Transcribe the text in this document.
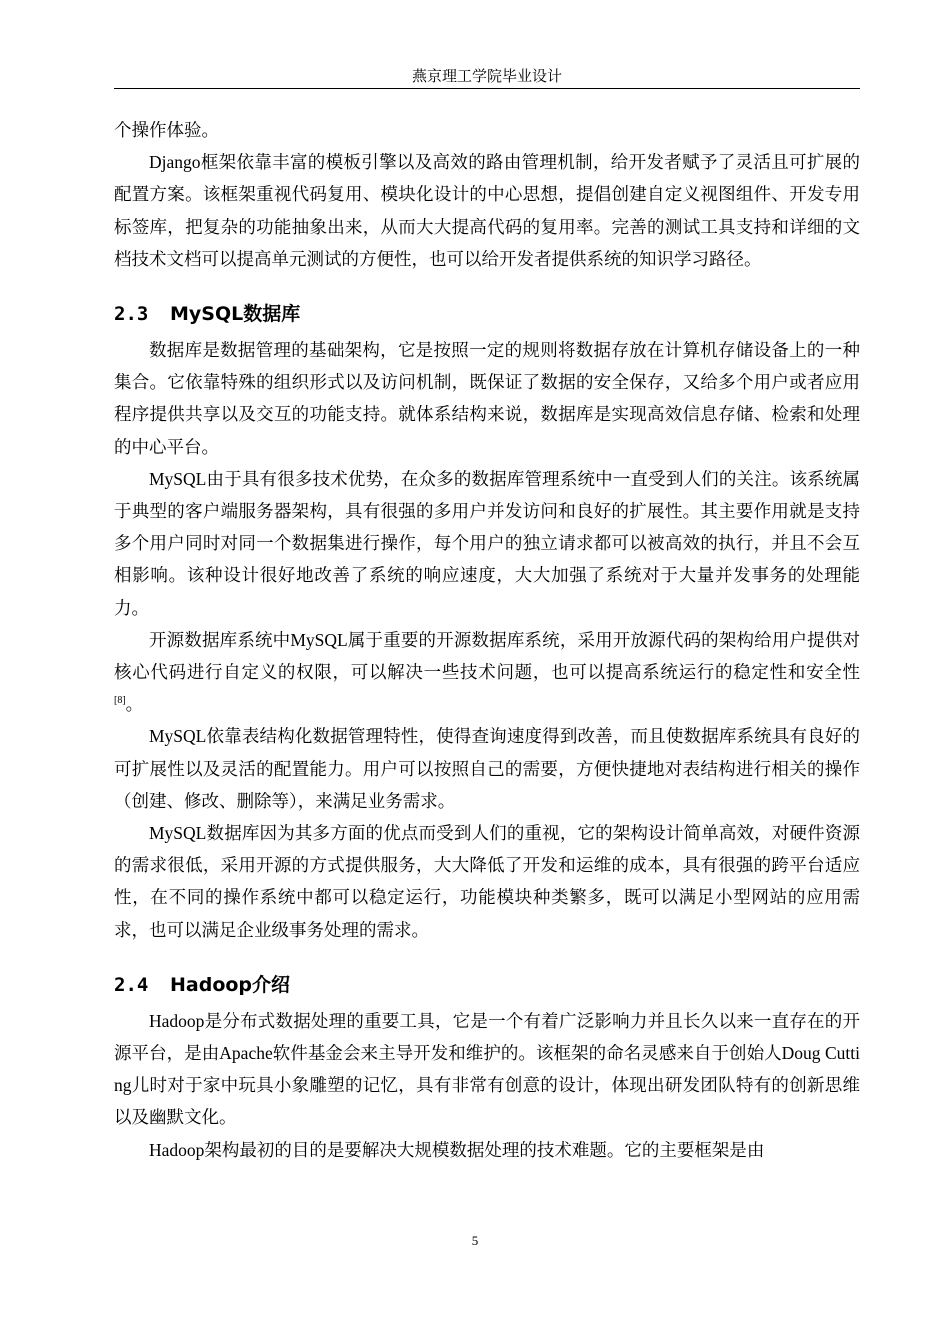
燕京理工学院毕业设计

个操作体验。

Django框架依靠丰富的模板引擎以及高效的路由管理机制，给开发者赋予了灵活且可扩展的配置方案。该框架重视代码复用、模块化设计的中心思想，提倡创建自定义视图组件、开发专用标签库，把复杂的功能抽象出来，从而大大提高代码的复用率。完善的测试工具支持和详细的文档技术文档可以提高单元测试的方便性，也可以给开发者提供系统的知识学习路径。

2.3 MySQL数据库

数据库是数据管理的基础架构，它是按照一定的规则将数据存放在计算机存储设备上的一种集合。它依靠特殊的组织形式以及访问机制，既保证了数据的安全保存，又给多个用户或者应用程序提供共享以及交互的功能支持。就体系结构来说，数据库是实现高效信息存储、检索和处理的中心平台。

MySQL由于具有很多技术优势，在众多的数据库管理系统中一直受到人们的关注。该系统属于典型的客户端服务器架构，具有很强的多用户并发访问和良好的扩展性。其主要作用就是支持多个用户同时对同一个数据集进行操作，每个用户的独立请求都可以被高效的执行，并且不会互相影响。该种设计很好地改善了系统的响应速度，大大加强了系统对于大量并发事务的处理能力。

开源数据库系统中MySQL属于重要的开源数据库系统，采用开放源代码的架构给用户提供对核心代码进行自定义的权限，可以解决一些技术问题，也可以提高系统运行的稳定性和安全性[8]。

MySQL依靠表结构化数据管理特性，使得查询速度得到改善，而且使数据库系统具有良好的可扩展性以及灵活的配置能力。用户可以按照自己的需要，方便快捷地对表结构进行相关的操作（创建、修改、删除等），来满足业务需求。

MySQL数据库因为其多方面的优点而受到人们的重视，它的架构设计简单高效，对硬件资源的需求很低，采用开源的方式提供服务，大大降低了开发和运维的成本，具有很强的跨平台适应性，在不同的操作系统中都可以稳定运行，功能模块种类繁多，既可以满足小型网站的应用需求，也可以满足企业级事务处理的需求。

2.4 Hadoop介绍

Hadoop是分布式数据处理的重要工具，它是一个有着广泛影响力并且长久以来一直存在的开源平台，是由Apache软件基金会来主导开发和维护的。该框架的命名灵感来自于创始人Doug Cutting儿时对于家中玩具小象雕塑的记忆，具有非常有创意的设计，体现出研发团队特有的创新思维以及幽默文化。

Hadoop架构最初的目的是要解决大规模数据处理的技术难题。它的主要框架是由

5
